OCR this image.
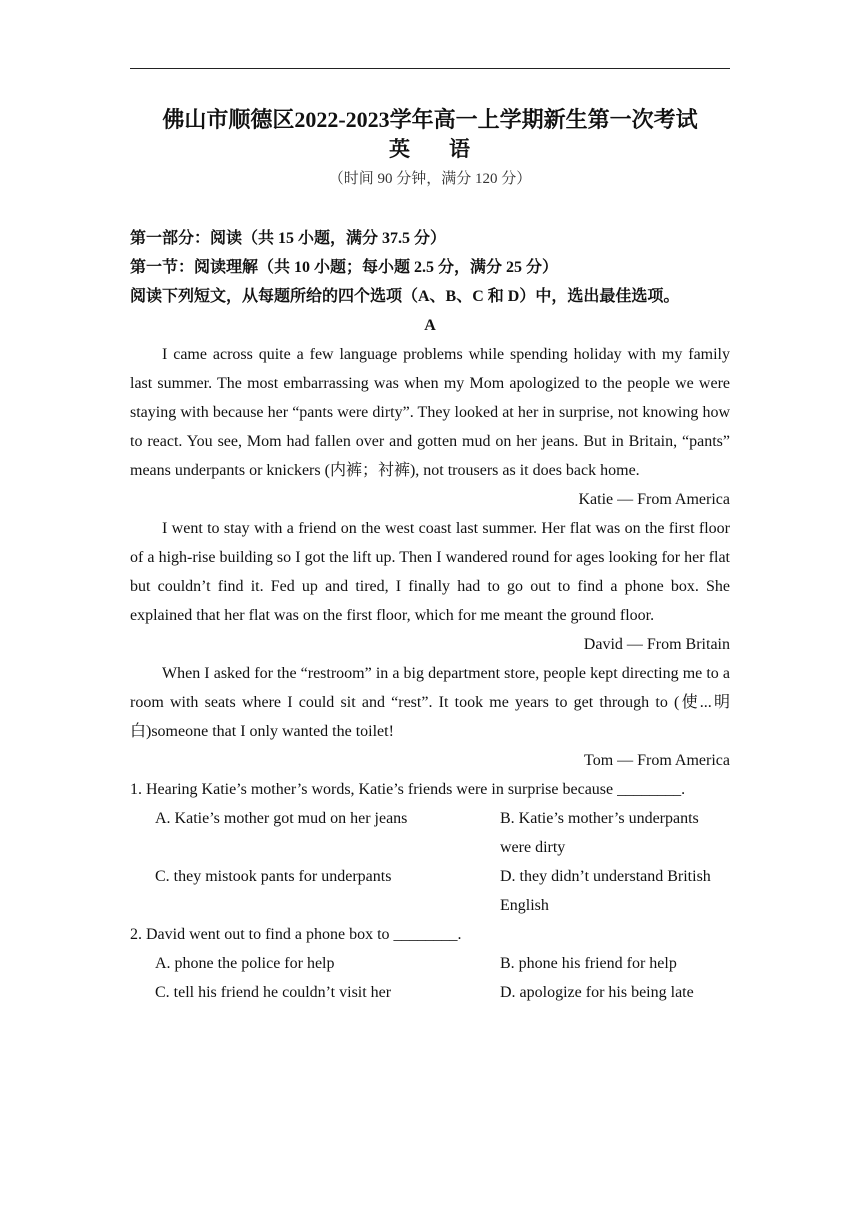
佛山市顺德区2022-2023学年高一上学期新生第一次考试
英 语
（时间 90 分钟，满分 120 分）
第一部分：阅读（共 15 小题，满分 37.5 分）
第一节：阅读理解（共 10 小题；每小题 2.5 分，满分 25 分）
阅读下列短文，从每题所给的四个选项（A、B、C 和 D）中，选出最佳选项。
A
I came across quite a few language problems while spending holiday with my family last summer. The most embarrassing was when my Mom apologized to the people we were staying with because her “pants were dirty”. They looked at her in surprise, not knowing how to react. You see, Mom had fallen over and gotten mud on her jeans. But in Britain, “pants” means underpants or knickers (内裤；衬裤), not trousers as it does back home.
Katie — From America
I went to stay with a friend on the west coast last summer. Her flat was on the first floor of a high-rise building so I got the lift up. Then I wandered round for ages looking for her flat but couldn’t find it. Fed up and tired, I finally had to go out to find a phone box. She explained that her flat was on the first floor, which for me meant the ground floor.
David — From Britain
When I asked for the “restroom” in a big department store, people kept directing me to a room with seats where I could sit and “rest”. It took me years to get through to (使...明白)someone that I only wanted the toilet!
Tom — From America
1. Hearing Katie’s mother’s words, Katie’s friends were in surprise because ________.
A. Katie’s mother got mud on her jeans	B. Katie’s mother’s underpants were dirty
C. they mistook pants for underpants	D. they didn’t understand British English
2. David went out to find a phone box to ________.
A. phone the police for help	B. phone his friend for help
C. tell his friend he couldn’t visit her	D. apologize for his being late
